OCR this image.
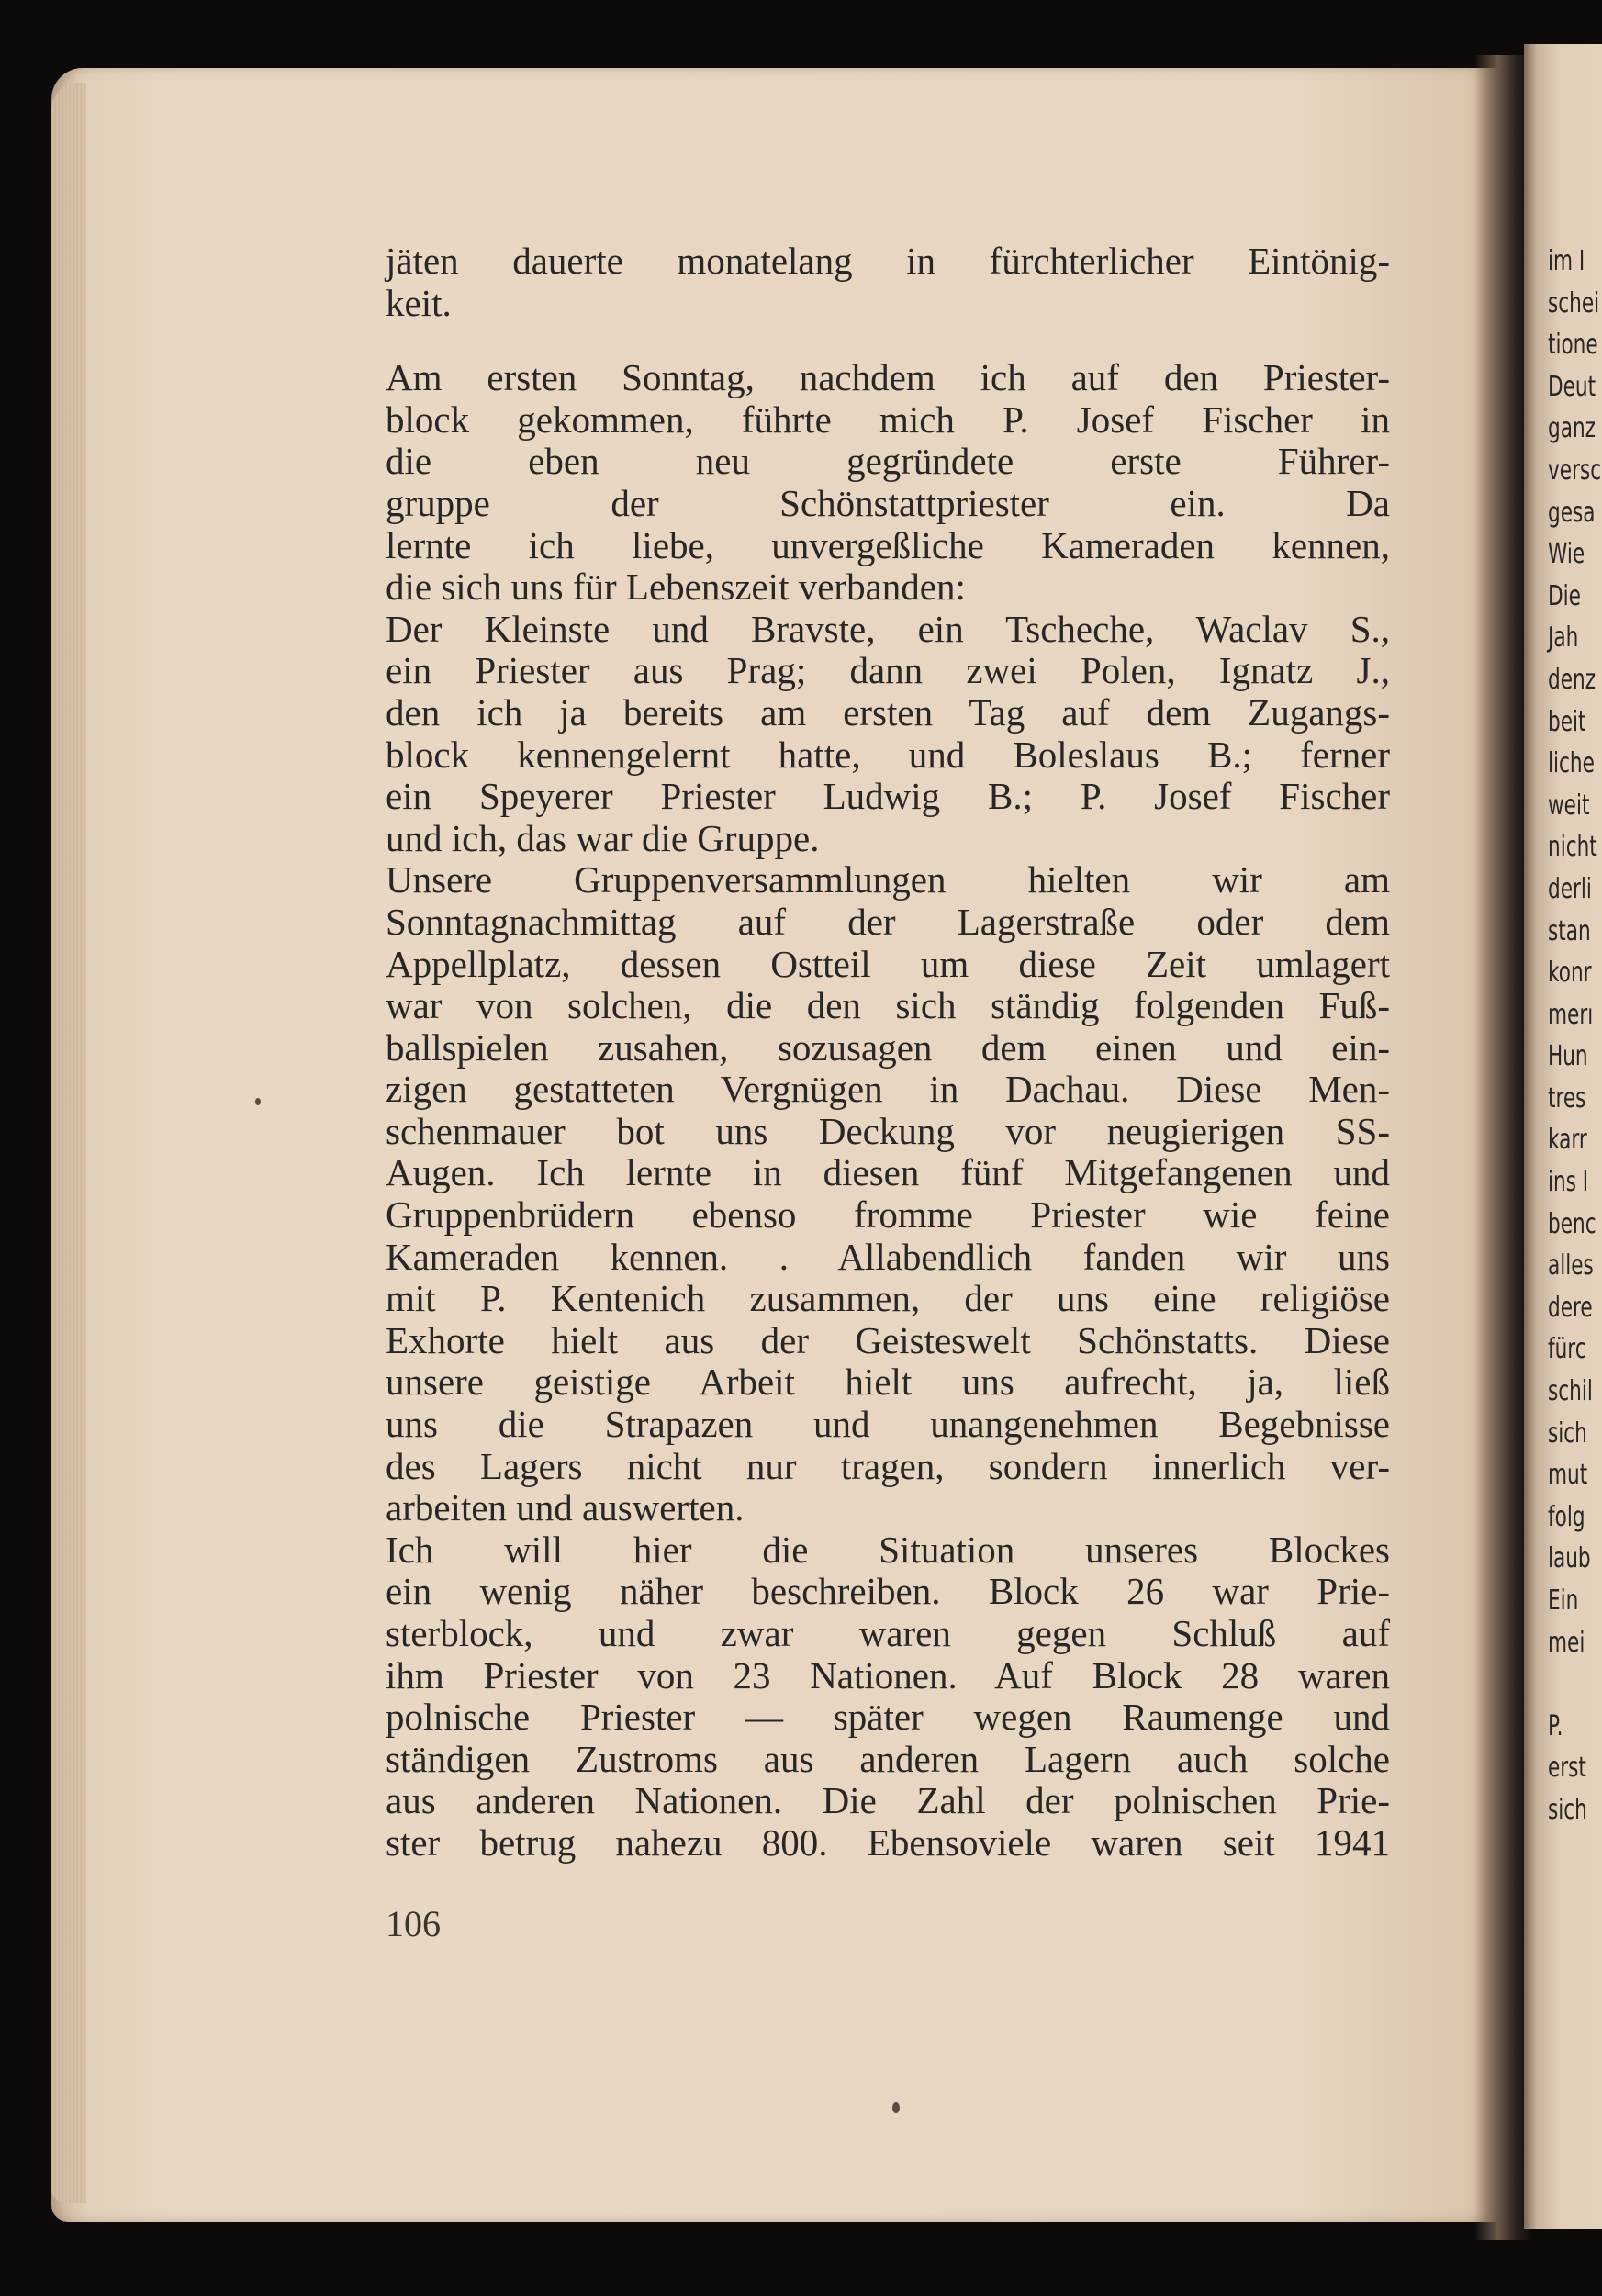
jäten dauerte monatelang in fürchterlicher Eintönig-
keit.
Am ersten Sonntag, nachdem ich auf den Priester-
block gekommen, führte mich P. Josef Fischer in
die eben neu gegründete erste Führer-
gruppe der Schönstattpriester ein. Da
lernte ich liebe, unvergeßliche Kameraden kennen,
die sich uns für Lebenszeit verbanden:
Der Kleinste und Bravste, ein Tscheche, Waclav S.,
ein Priester aus Prag; dann zwei Polen, Ignatz J.,
den ich ja bereits am ersten Tag auf dem Zugangs-
block kennengelernt hatte, und Boleslaus B.; ferner
ein Speyerer Priester Ludwig B.; P. Josef Fischer
und ich, das war die Gruppe.
Unsere Gruppenversammlungen hielten wir am
Sonntagnachmittag auf der Lagerstraße oder dem
Appellplatz, dessen Ostteil um diese Zeit umlagert
war von solchen, die den sich ständig folgenden Fuß-
ballspielen zusahen, sozusagen dem einen und ein-
zigen gestatteten Vergnügen in Dachau. Diese Men-
schenmauer bot uns Deckung vor neugierigen SS-
Augen. Ich lernte in diesen fünf Mitgefangenen und
Gruppenbrüdern ebenso fromme Priester wie feine
Kameraden kennen. . Allabendlich fanden wir uns
mit P. Kentenich zusammen, der uns eine religiöse
Exhorte hielt aus der Geisteswelt Schönstatts. Diese
unsere geistige Arbeit hielt uns aufrecht, ja, ließ
uns die Strapazen und unangenehmen Begebnisse
des Lagers nicht nur tragen, sondern innerlich ver-
arbeiten und auswerten.
Ich will hier die Situation unseres Blockes
ein wenig näher beschreiben. Block 26 war Prie-
sterblock, und zwar waren gegen Schluß auf
ihm Priester von 23 Nationen. Auf Block 28 waren
polnische Priester — später wegen Raumenge und
ständigen Zustroms aus anderen Lagern auch solche
aus anderen Nationen. Die Zahl der polnischen Prie-
ster betrug nahezu 800. Ebensoviele waren seit 1941
106
im I
schei
tione
Deut
ganz
versc
gesa
Wie
Die
Jah
denz
beit
liche
weit
nicht
derli
stan
konr
merı
Hun
tres
karr
ins I
benc
alles
dere
fürc
schil
sich
mut
folg
laub
Ein
mei

P.
erst
sich
